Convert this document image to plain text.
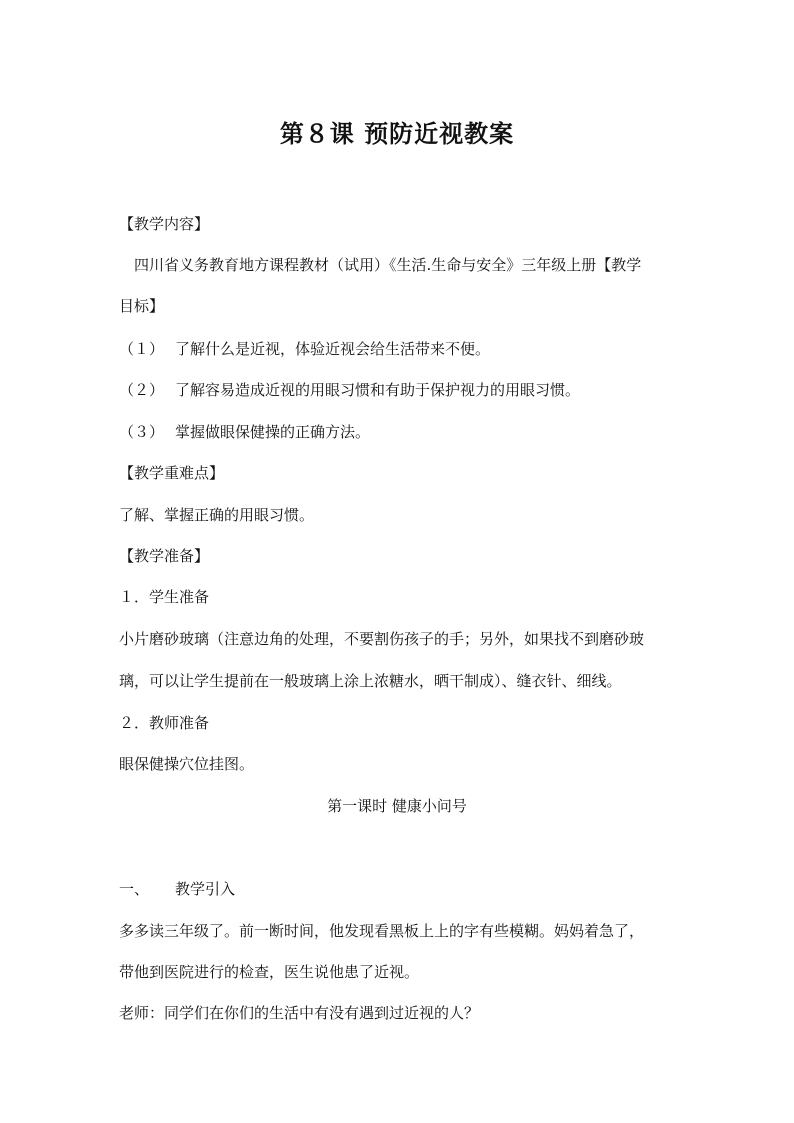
第８课 预防近视教案
【教学内容】
四川省义务教育地方课程教材（试用）《生活.生命与安全》三年级上册【教学
目标】
（１） 了解什么是近视，体验近视会给生活带来不便。
（２） 了解容易造成近视的用眼习惯和有助于保护视力的用眼习惯。
（３） 掌握做眼保健操的正确方法。
【教学重难点】
了解、掌握正确的用眼习惯。
【教学准备】
１．学生准备
小片磨砂玻璃（注意边角的处理，不要割伤孩子的手；另外，如果找不到磨砂玻
璃，可以让学生提前在一般玻璃上涂上浓糖水，晒干制成）、缝衣针、细线。
２．教师准备
眼保健操穴位挂图。
第一课时 健康小问号
一、 教学引入
多多读三年级了。前一断时间，他发现看黑板上上的字有些模糊。妈妈着急了，
带他到医院进行的检查，医生说他患了近视。
老师：同学们在你们的生活中有没有遇到过近视的人？
